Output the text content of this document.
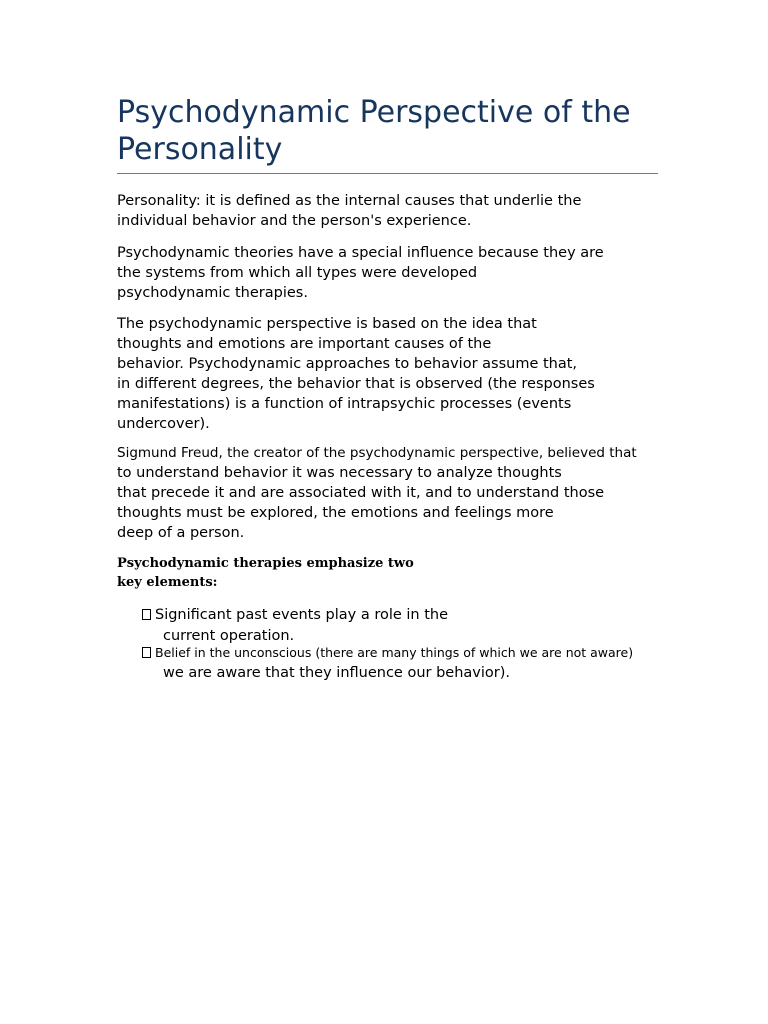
Psychodynamic Perspective of the
Personality

Personality: it is defined as the internal causes that underlie the
individual behavior and the person's experience.

Psychodynamic theories have a special influence because they are
the systems from which all types were developed
psychodynamic therapies.

The psychodynamic perspective is based on the idea that
thoughts and emotions are important causes of the
behavior. Psychodynamic approaches to behavior assume that,
in different degrees, the behavior that is observed (the responses
manifestations) is a function of intrapsychic processes (events
undercover).

Sigmund Freud, the creator of the psychodynamic perspective, believed that
to understand behavior it was necessary to analyze thoughts
that precede it and are associated with it, and to understand those
thoughts must be explored, the emotions and feelings more
deep of a person.

Psychodynamic therapies emphasize two
key elements:

Significant past events play a role in the

current operation.

Belief in the unconscious (there are many things of which we are not aware)

we are aware that they influence our behavior).
